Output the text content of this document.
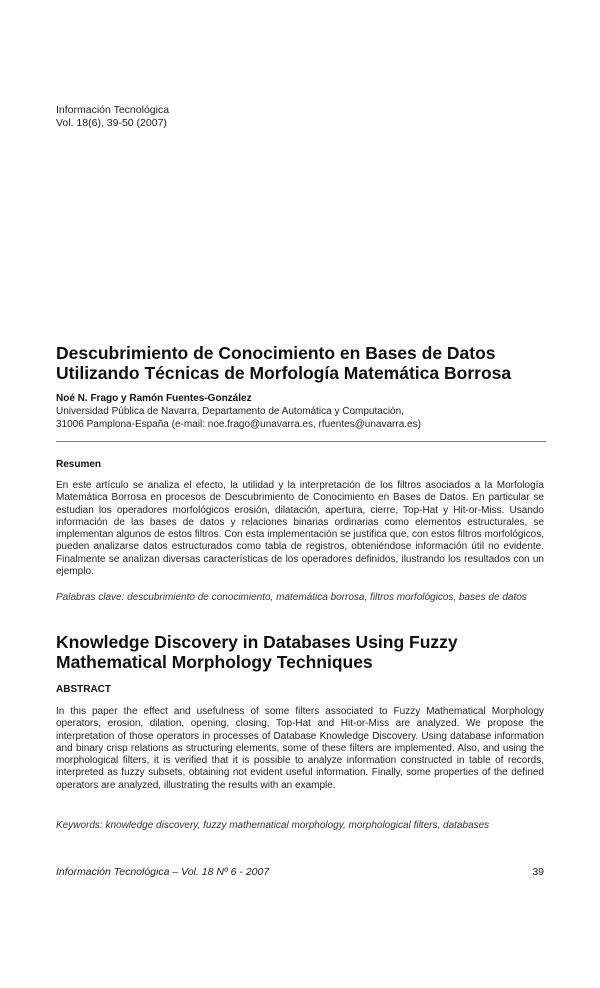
Información Tecnológica
Vol. 18(6), 39-50 (2007)
Descubrimiento de Conocimiento en Bases de Datos
Utilizando Técnicas de Morfología Matemática Borrosa
Noé N. Frago y Ramón Fuentes-González
Universidad Pública de Navarra, Departamento de Automática y Computación,
31006 Pamplona-España (e-mail: noe.frago@unavarra.es, rfuentes@unavarra.es)
Resumen
En este artículo se analiza el efecto, la utilidad y la interpretación de los filtros asociados a la Morfología Matemática Borrosa en procesos de Descubrimiento de Conocimiento en Bases de Datos. En particular se estudian los operadores morfológicos erosión, dilatación, apertura, cierre, Top-Hat y Hit-or-Miss. Usando información de las bases de datos y relaciones binarias ordinarias como elementos estructurales, se implementan algunos de estos filtros. Con esta implementación se justifica que, con estos filtros morfológicos, pueden analizarse datos estructurados como tabla de registros, obteniéndose información útil no evidente. Finalmente se analizan diversas características de los operadores definidos, ilustrando los resultados con un ejemplo.
Palabras clave: descubrimiento de conocimiento, matemática borrosa, filtros morfológicos, bases de datos
Knowledge Discovery in Databases Using Fuzzy
Mathematical Morphology Techniques
ABSTRACT
In this paper the effect and usefulness of some filters associated to Fuzzy Mathematical Morphology operators, erosion, dilation, opening, closing, Top-Hat and Hit-or-Miss are analyzed. We propose the interpretation of those operators in processes of Database Knowledge Discovery. Using database information and binary crisp relations as structuring elements, some of these filters are implemented. Also, and using the morphological filters, it is verified that it is possible to analyze information constructed in table of records, interpreted as fuzzy subsets, obtaining not evident useful information. Finally, some properties of the defined operators are analyzed, illustrating the results with an example.
Keywords: knowledge discovery, fuzzy mathematical morphology, morphological filters, databases
Información Tecnológica – Vol. 18 Nº 6 - 2007	39
